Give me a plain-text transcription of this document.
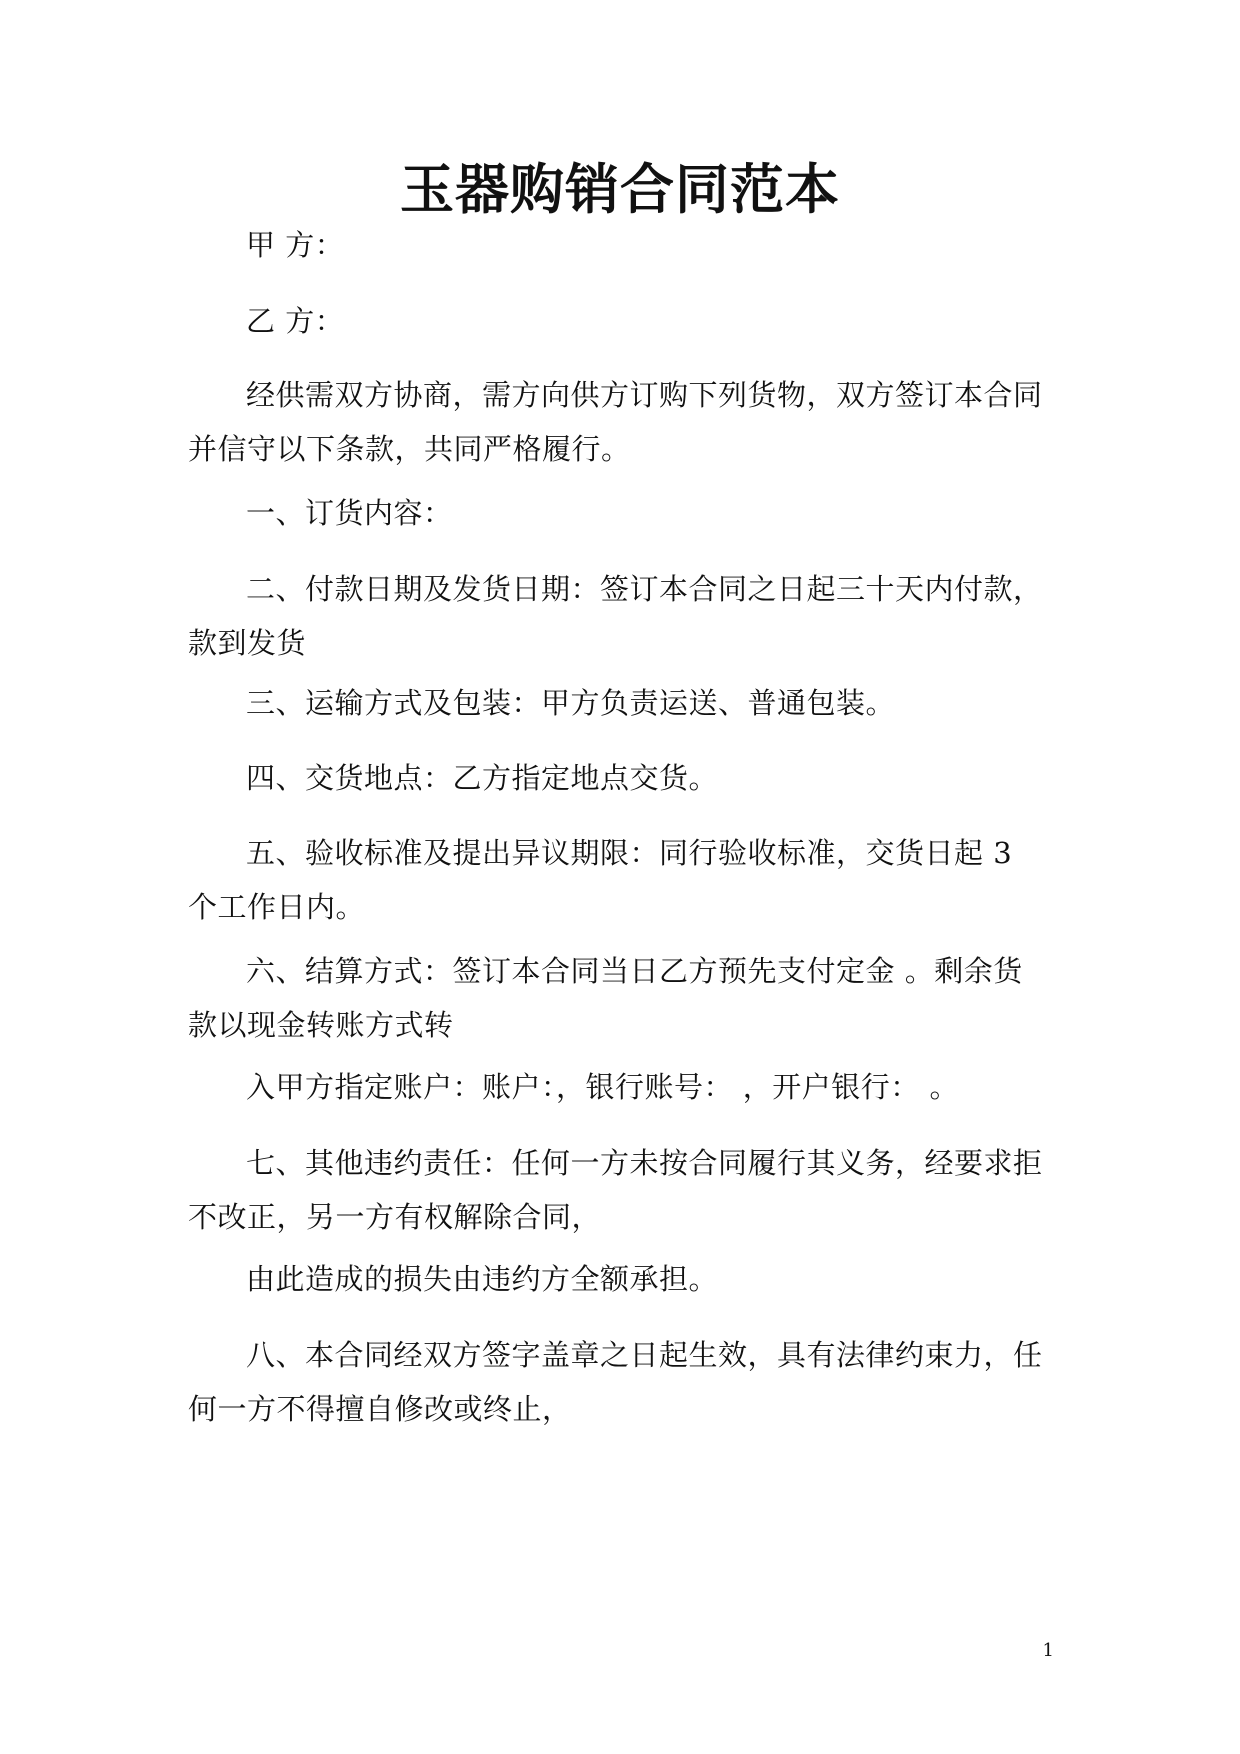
玉器购销合同范本

甲 方：

乙 方：

经供需双方协商，需方向供方订购下列货物，双方签订本合同并信守以下条款，共同严格履行。

一、订货内容：

二、付款日期及发货日期：签订本合同之日起三十天内付款，款到发货

三、运输方式及包装：甲方负责运送、普通包装。

四、交货地点：乙方指定地点交货。

五、验收标准及提出异议期限：同行验收标准，交货日起 3 个工作日内。

六、结算方式：签订本合同当日乙方预先支付定金 。剩余货款以现金转账方式转

入甲方指定账户：账户：，银行账号： ，开户银行： 。

七、其他违约责任：任何一方未按合同履行其义务，经要求拒不改正，另一方有权解除合同，

由此造成的损失由违约方全额承担。

八、本合同经双方签字盖章之日起生效，具有法律约束力，任何一方不得擅自修改或终止，

1
